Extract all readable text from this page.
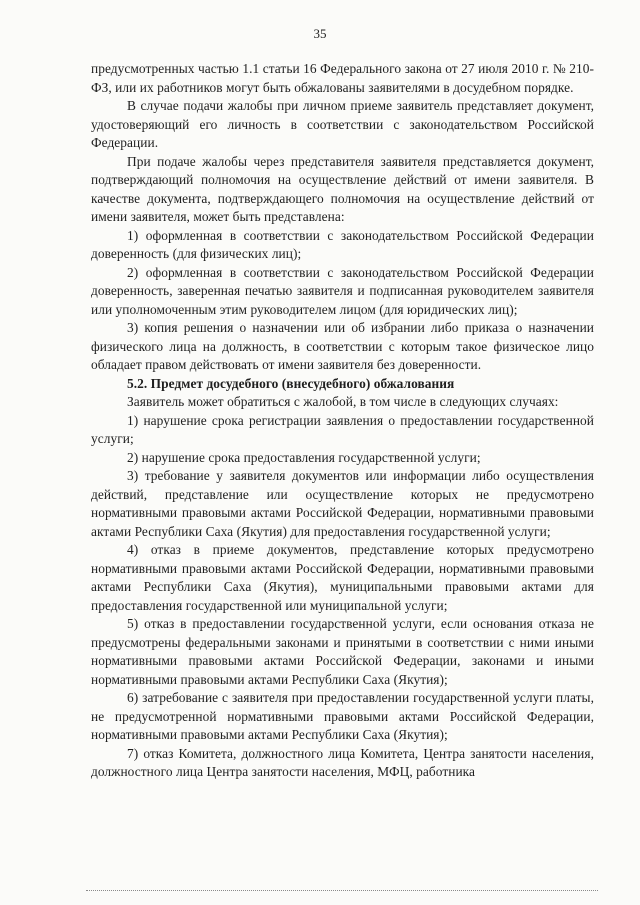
35

предусмотренных частью 1.1 статьи 16 Федерального закона от 27 июля 2010 г. № 210-ФЗ, или их работников могут быть обжалованы заявителями в досудебном порядке.

В случае подачи жалобы при личном приеме заявитель представляет документ, удостоверяющий его личность в соответствии с законодательством Российской Федерации.

При подаче жалобы через представителя заявителя представляется документ, подтверждающий полномочия на осуществление действий от имени заявителя. В качестве документа, подтверждающего полномочия на осуществление действий от имени заявителя, может быть представлена:

1) оформленная в соответствии с законодательством Российской Федерации доверенность (для физических лиц);

2) оформленная в соответствии с законодательством Российской Федерации доверенность, заверенная печатью заявителя и подписанная руководителем заявителя или уполномоченным этим руководителем лицом (для юридических лиц);

3) копия решения о назначении или об избрании либо приказа о назначении физического лица на должность, в соответствии с которым такое физическое лицо обладает правом действовать от имени заявителя без доверенности.

5.2. Предмет досудебного (внесудебного) обжалования

Заявитель может обратиться с жалобой, в том числе в следующих случаях:

1) нарушение срока регистрации заявления о предоставлении государственной услуги;

2) нарушение срока предоставления государственной услуги;

3) требование у заявителя документов или информации либо осуществления действий, представление или осуществление которых не предусмотрено нормативными правовыми актами Российской Федерации, нормативными правовыми актами Республики Саха (Якутия) для предоставления государственной услуги;

4) отказ в приеме документов, представление которых предусмотрено нормативными правовыми актами Российской Федерации, нормативными правовыми актами Республики Саха (Якутия), муниципальными правовыми актами для предоставления государственной или муниципальной услуги;

5) отказ в предоставлении государственной услуги, если основания отказа не предусмотрены федеральными законами и принятыми в соответствии с ними иными нормативными правовыми актами Российской Федерации, законами и иными нормативными правовыми актами Республики Саха (Якутия);

6) затребование с заявителя при предоставлении государственной услуги платы, не предусмотренной нормативными правовыми актами Российской Федерации, нормативными правовыми актами Республики Саха (Якутия);

7) отказ Комитета, должностного лица Комитета, Центра занятости населения, должностного лица Центра занятости населения, МФЦ, работника
